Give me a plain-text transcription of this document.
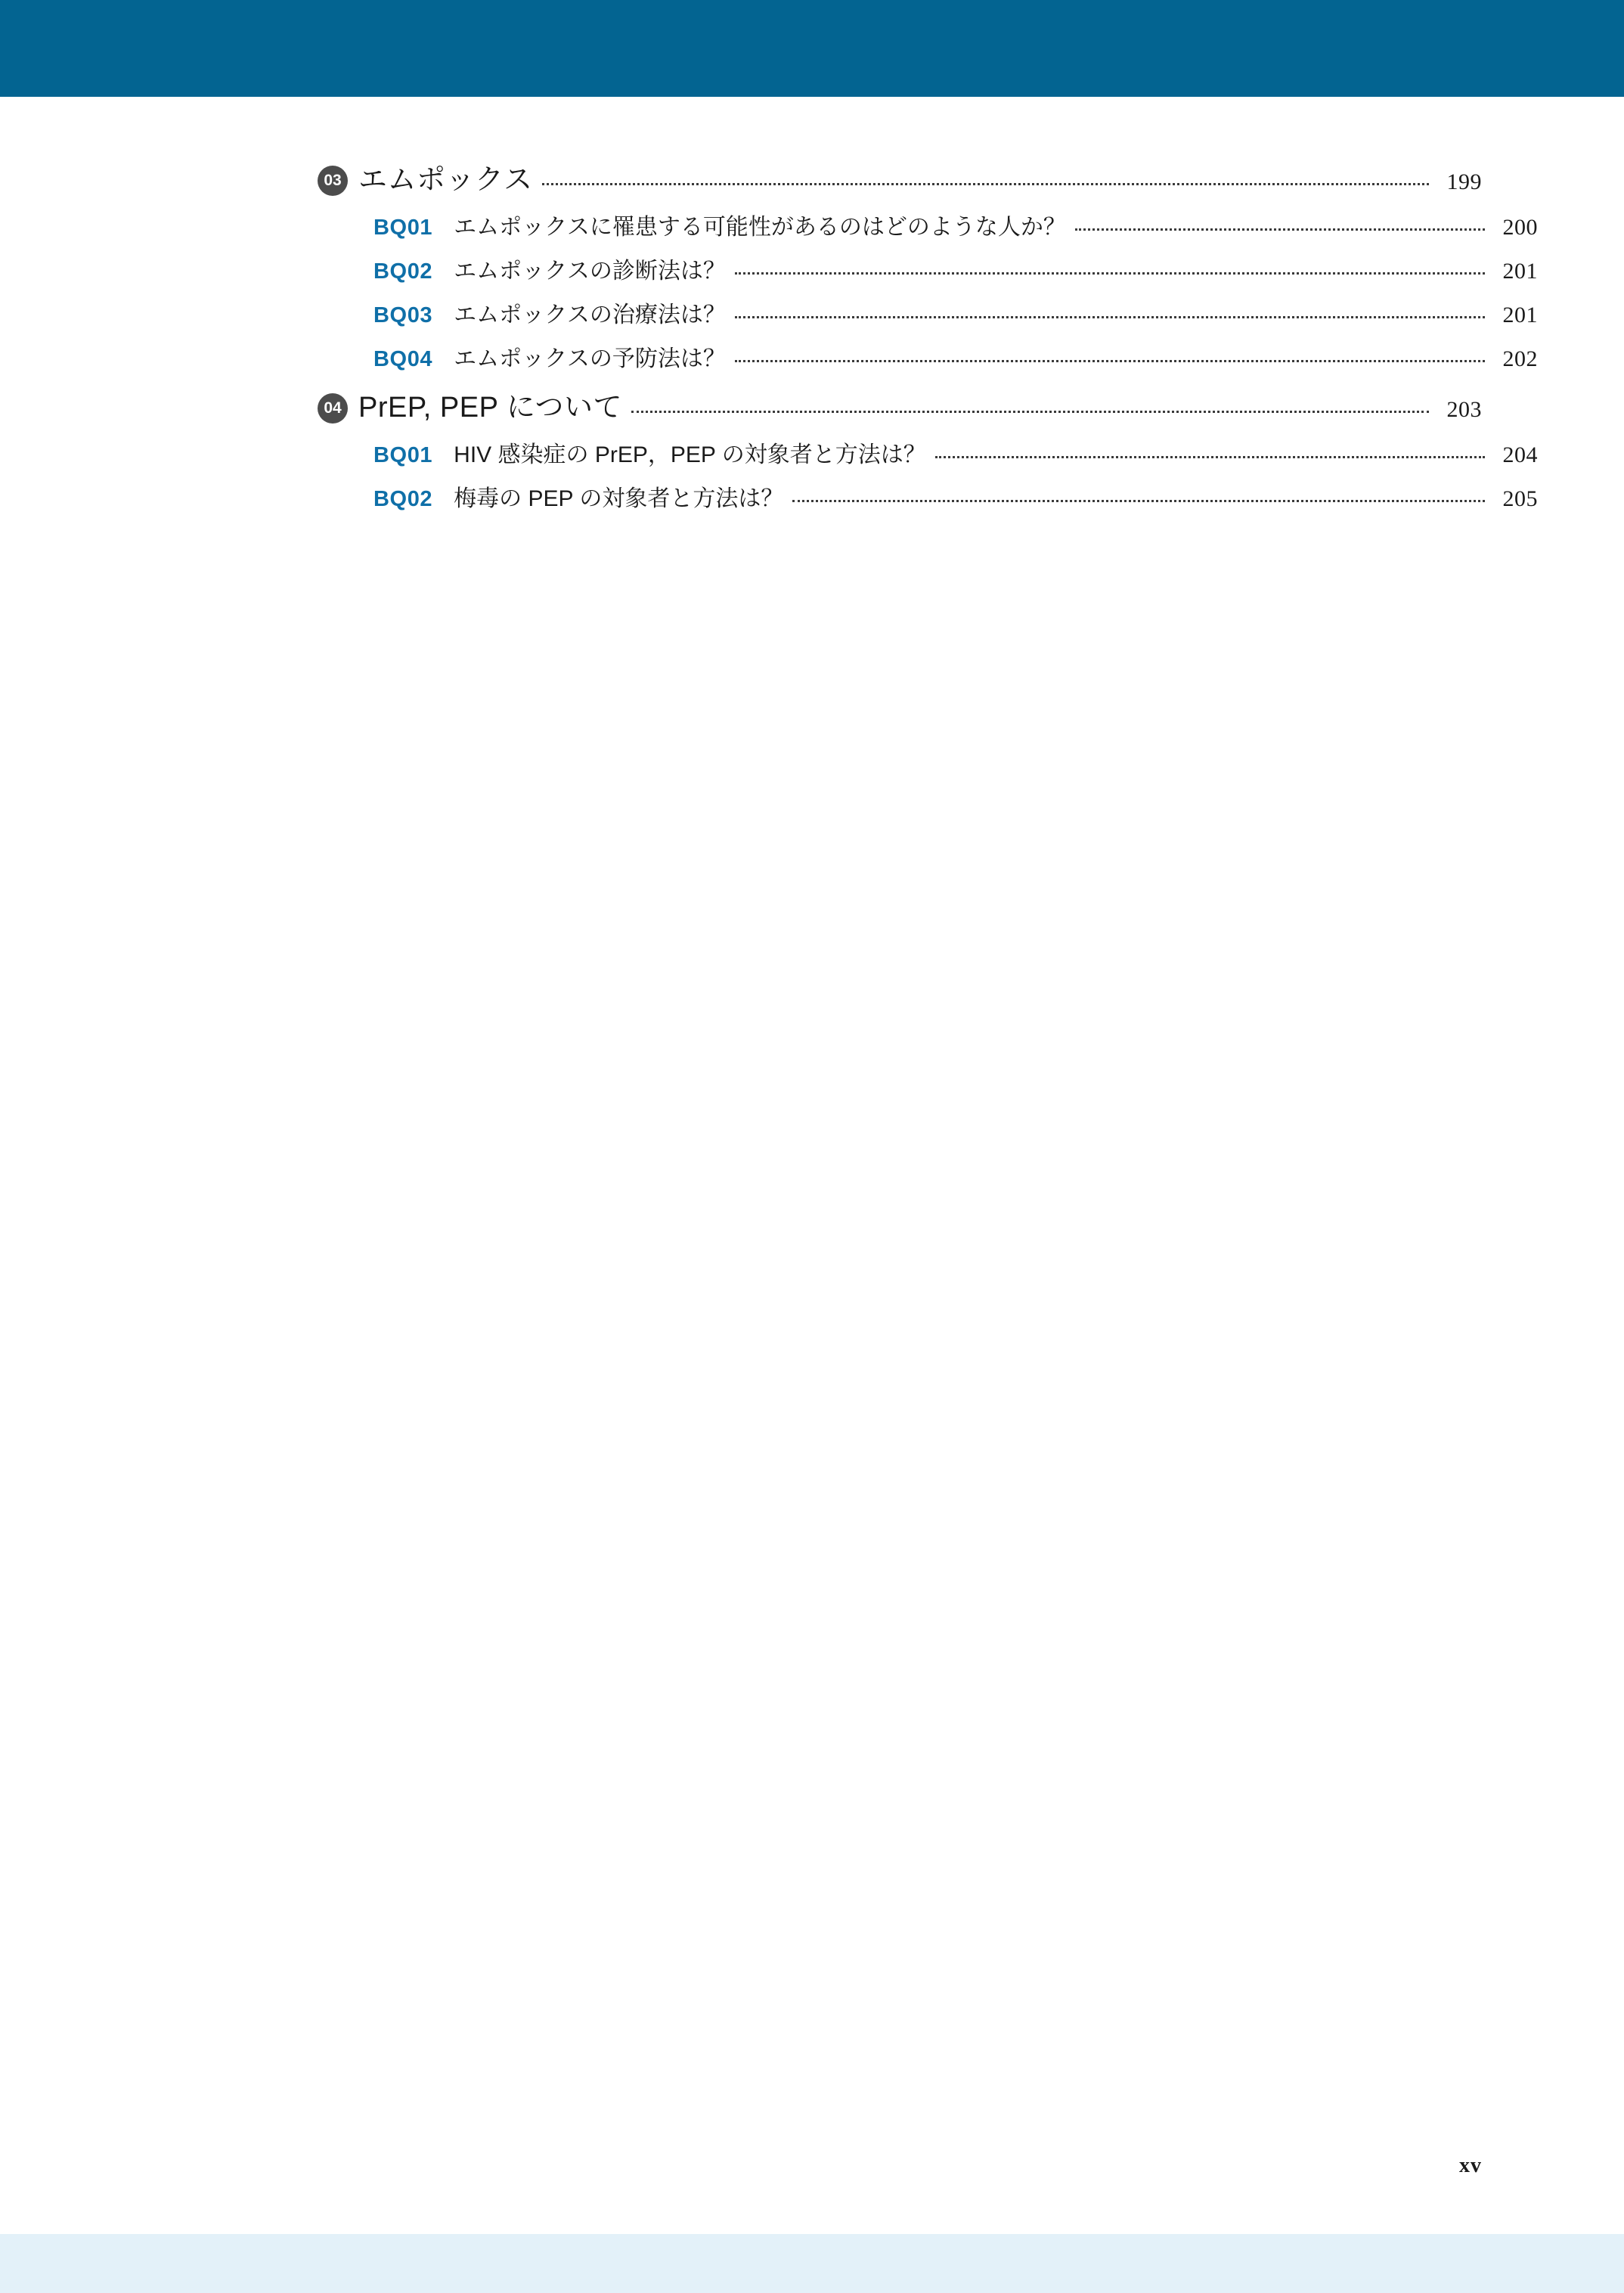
03 エムポックス	199
BQ01 エムポックスに罹患する可能性があるのはどのような人か？	200
BQ02 エムポックスの診断法は？	201
BQ03 エムポックスの治療法は？	201
BQ04 エムポックスの予防法は？	202
04 PrEP, PEP について	203
BQ01 HIV 感染症の PrEP，PEP の対象者と方法は？	204
BQ02 梅毒の PEP の対象者と方法は？	205
xv
